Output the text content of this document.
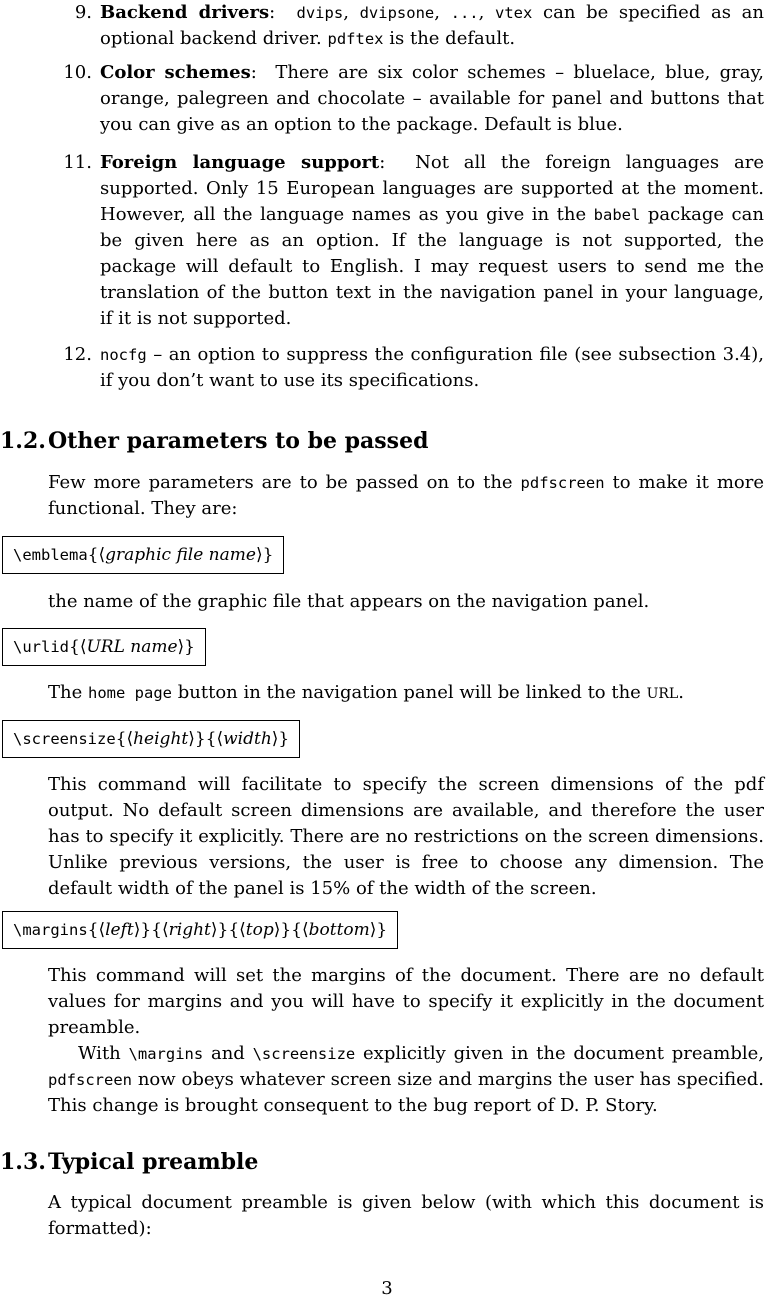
9. Backend drivers: dvips, dvipsone, ..., vtex can be specified as an optional backend driver. pdftex is the default.

10. Color schemes: There are six color schemes – bluelace, blue, gray, orange, palegreen and chocolate – available for panel and buttons that you can give as an option to the package. Default is blue.

11. Foreign language support: Not all the foreign languages are supported. Only 15 European languages are supported at the moment. However, all the language names as you give in the babel package can be given here as an option. If the language is not supported, the package will default to English. I may request users to send me the translation of the button text in the navigation panel in your language, if it is not supported.

12. nocfg – an option to suppress the configuration file (see subsection 3.4), if you don’t want to use its specifications.

1.2.Other parameters to be passed

Few more parameters are to be passed on to the pdfscreen to make it more functional. They are:

\emblema{⟨graphic file name⟩}

the name of the graphic file that appears on the navigation panel.

\urlid{⟨URL name⟩}

The home page button in the navigation panel will be linked to the URL.

\screensize{⟨height⟩}{⟨width⟩}

This command will facilitate to specify the screen dimensions of the pdf output. No default screen dimensions are available, and therefore the user has to specify it explicitly. There are no restrictions on the screen dimensions. Unlike previous versions, the user is free to choose any dimension. The default width of the panel is 15% of the width of the screen.

\margins{⟨left⟩}{⟨right⟩}{⟨top⟩}{⟨bottom⟩}

This command will set the margins of the document. There are no default values for margins and you will have to specify it explicitly in the document preamble.

With \margins and \screensize explicitly given in the document preamble, pdfscreen now obeys whatever screen size and margins the user has specified. This change is brought consequent to the bug report of D. P. Story.

1.3.Typical preamble

A typical document preamble is given below (with which this document is formatted):

3
